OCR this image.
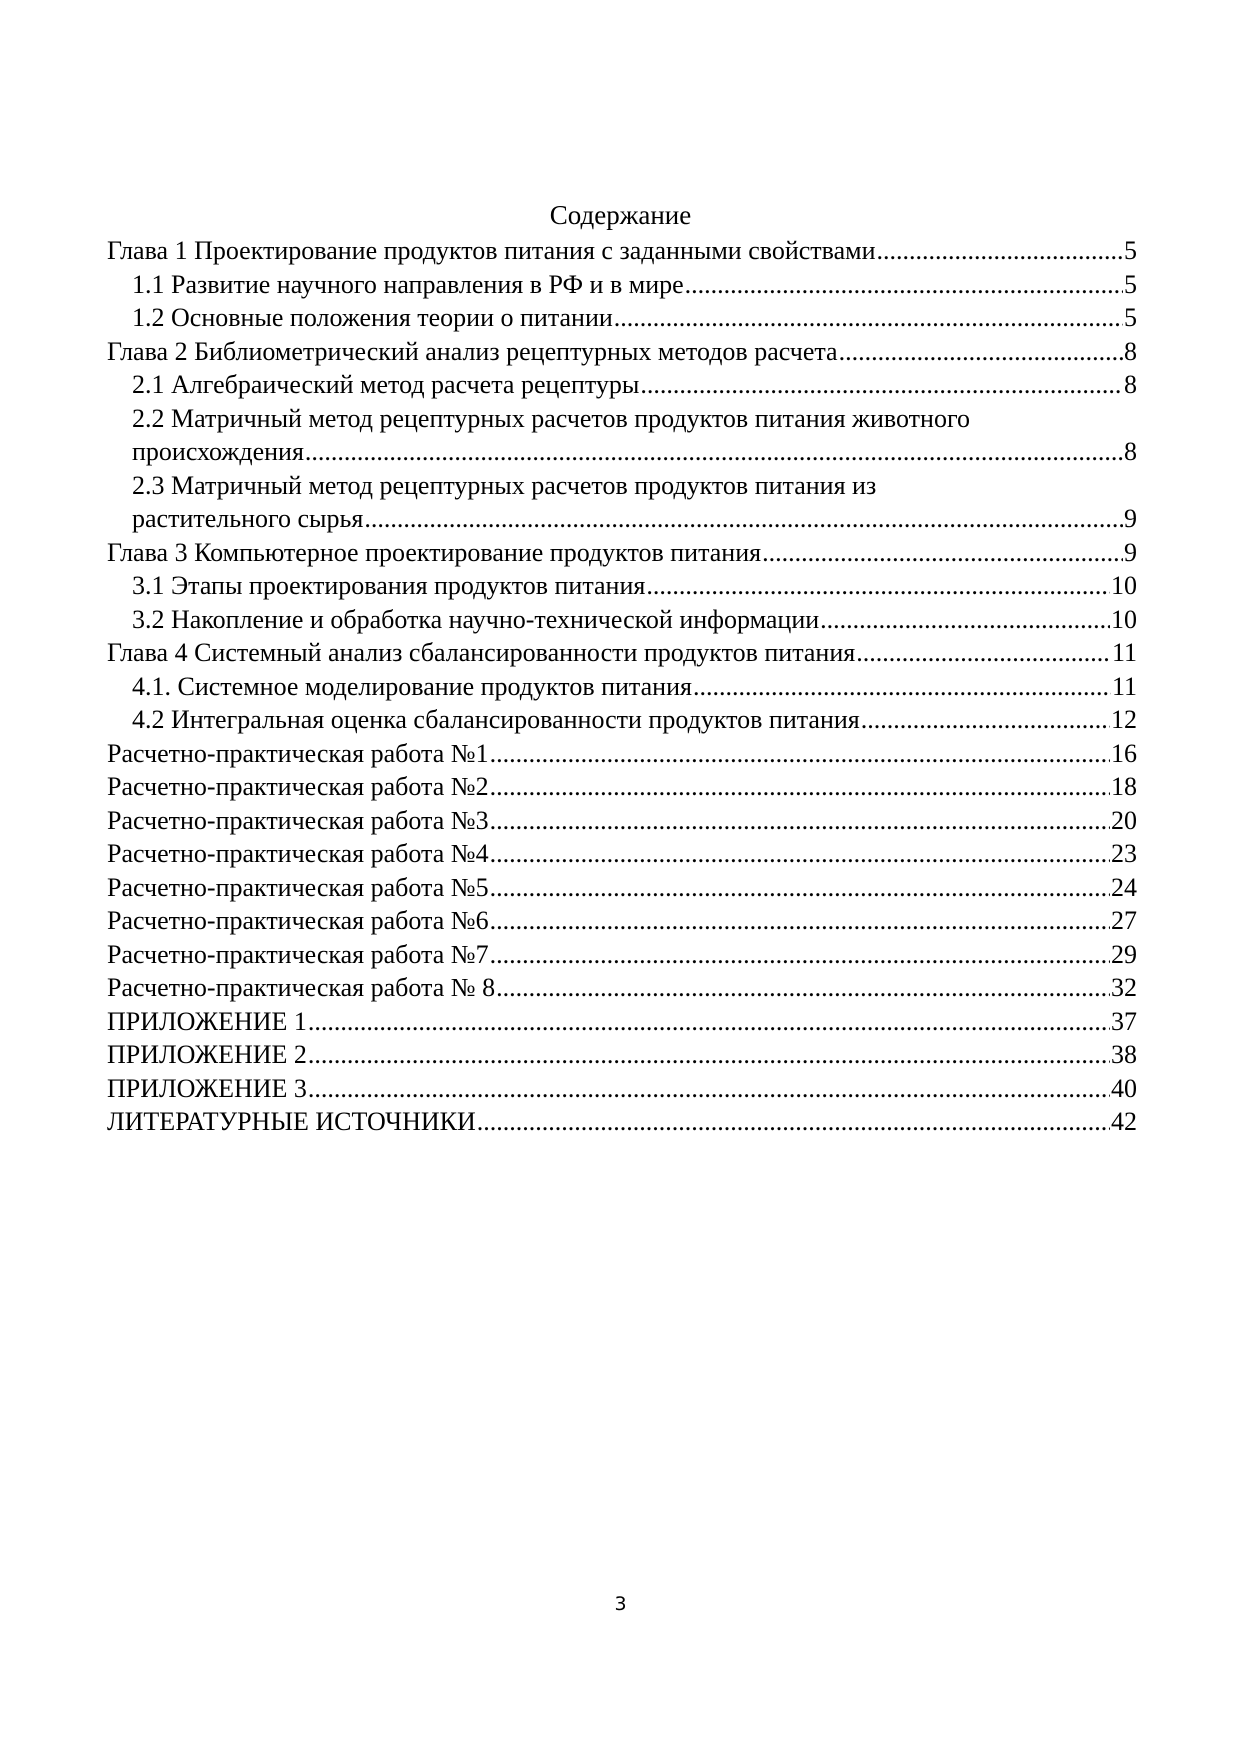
Содержание
Глава 1 Проектирование продуктов питания с заданными свойствами .....	5
1.1 Развитие научного направления в РФ и в мире .....	5
1.2 Основные положения теории о питании .....	5
Глава 2 Библиометрический анализ рецептурных методов расчета .....	8
2.1 Алгебраический метод расчета рецептуры .....	8
2.2 Матричный метод рецептурных расчетов продуктов питания животного
происхождения .....	8
2.3 Матричный метод рецептурных расчетов продуктов питания из
растительного сырья .....	9
Глава 3 Компьютерное проектирование продуктов питания .....	9
3.1 Этапы проектирования продуктов питания .....	10
3.2 Накопление и обработка научно-технической информации .....	10
Глава 4 Системный анализ сбалансированности продуктов питания .....	11
4.1. Системное моделирование продуктов питания .....	11
4.2 Интегральная оценка сбалансированности продуктов питания .....	12
Расчетно-практическая работа №1 .....	16
Расчетно-практическая работа №2 .....	18
Расчетно-практическая работа №3 .....	20
Расчетно-практическая работа №4 .....	23
Расчетно-практическая работа №5 .....	24
Расчетно-практическая работа №6 .....	27
Расчетно-практическая работа №7 .....	29
Расчетно-практическая работа № 8 .....	32
ПРИЛОЖЕНИЕ 1 .....	37
ПРИЛОЖЕНИЕ 2 .....	38
ПРИЛОЖЕНИЕ 3 .....	40
ЛИТЕРАТУРНЫЕ ИСТОЧНИКИ .....	42
3
